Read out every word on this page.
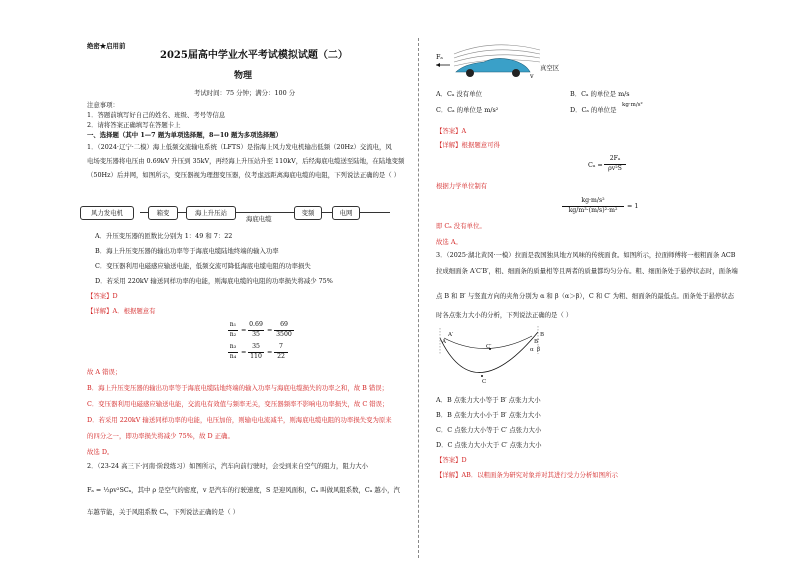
绝密★启用前
2025届高中学业水平考试模拟试题（二）
物理
考试时间：75 分钟；满分：100 分
注意事项：
1．答题前填写好自己的姓名、班级、考号等信息
2．请将答案正确填写在答题卡上
一、选择题（其中 1—7 题为单项选择题，8—10 题为多项选择题）
1．（2024·辽宁·二模）海上低频交流输电系统（LFTS）是指海上风力发电机输出低频（20Hz）交流电，风
电场变压器将电压由 0.69kV 升压到 35kV，再经海上升压站升至 110kV，后经海底电缆送至陆地，在陆地变频
（50Hz）后并网，如图所示，变压器视为理想变压器，仪考虑远距离海底电缆的电阻，下列说法正确的是（ ）
风力发电机	箱变	海上升压站
海底电缆
变频	电网
A．升压变压器的匝数比分别为 1：49 和 7：22
B．海上升压变压器的输出功率等于海底电缆陆地终端的输入功率
C．变压器利用电磁感应输送电能，低频交流可降低海底电缆电阻的功率损失
D．若采用 220kV 输送同样功率的电能，则海底电缆的电阻的功率损失将减少 75%
【答案】D
【详解】A．根据题意有
n₁
n₂
=
0.69
35
=
69
3500
n₃
n₄
=
35
110
=
7
22
故 A 错误；
B．海上升压变压器的输出功率等于海底电缆陆地终端的输入功率与海底电缆损失的功率之和，故 B 错误；
C．变压器利用电磁感应输送电能，交流电有效值与频率无关，变压器频率不影响电功率损失，故 C 错误；
D．若采用 220kV 输送同样功率的电能，电压加倍，则输电电流减半，则海底电缆电阻的功率损失变为原来
的四分之一，即功率损失将减少 75%，故 D 正确。
故选 D。
2．（23-24 高三下·河南·阶段练习）如图所示，汽车向前行驶时，会受到来自空气的阻力，阻力大小
Fₐ = ½ρv²SCₐ，其中 ρ 是空气的密度，v 是汽车的行驶速度，S 是迎风面积，Cₐ 叫做风阻系数，Cₐ 越小，汽
车越节能，关于风阻系数 Cₐ，下列说法正确的是（ ）
Fₐ
v
真空区
A．Cₐ 没有单位	B．Cₐ 的单位是 m/s
C．Cₐ 的单位是 m/s²	D．Cₐ 的单位是
kg·m/s²
【答案】A
【详解】根据题意可得
Cₐ =
2Fₐ
ρv²S
根据力学单位制有
kg·m/s²
kg/m³·(m/s)²·m²
= 1
即 Cₐ 没有单位。
故选 A。
3．（2025·湖北黄冈·一模）拉面是我国独具地方风味的传统面食。如图所示，拉面师傅将一根粗面条 ACB
拉成细面条 A′C′B′，粗、细面条的质量相等且两者的质量都均匀分布。粗、细面条处于悬停状态时，面条端
点 B 和 B′ 与竖直方向的夹角分别为 α 和 β（α＞β），C 和 C′ 为粗、细面条的最低点。面条处于悬停状态
时各点张力大小的分析，下列说法正确的是（ ）
A
A′	B
B′
C
C′	α β
A．B 点张力大小等于 B′ 点张力大小
B．B 点张力大小小于 B′ 点张力大小
C．C 点张力大小等于 C′ 点张力大小
D．C 点张力大小大于 C′ 点张力大小
【答案】D
【详解】AB．以粗面条为研究对象并对其进行受力分析如图所示
